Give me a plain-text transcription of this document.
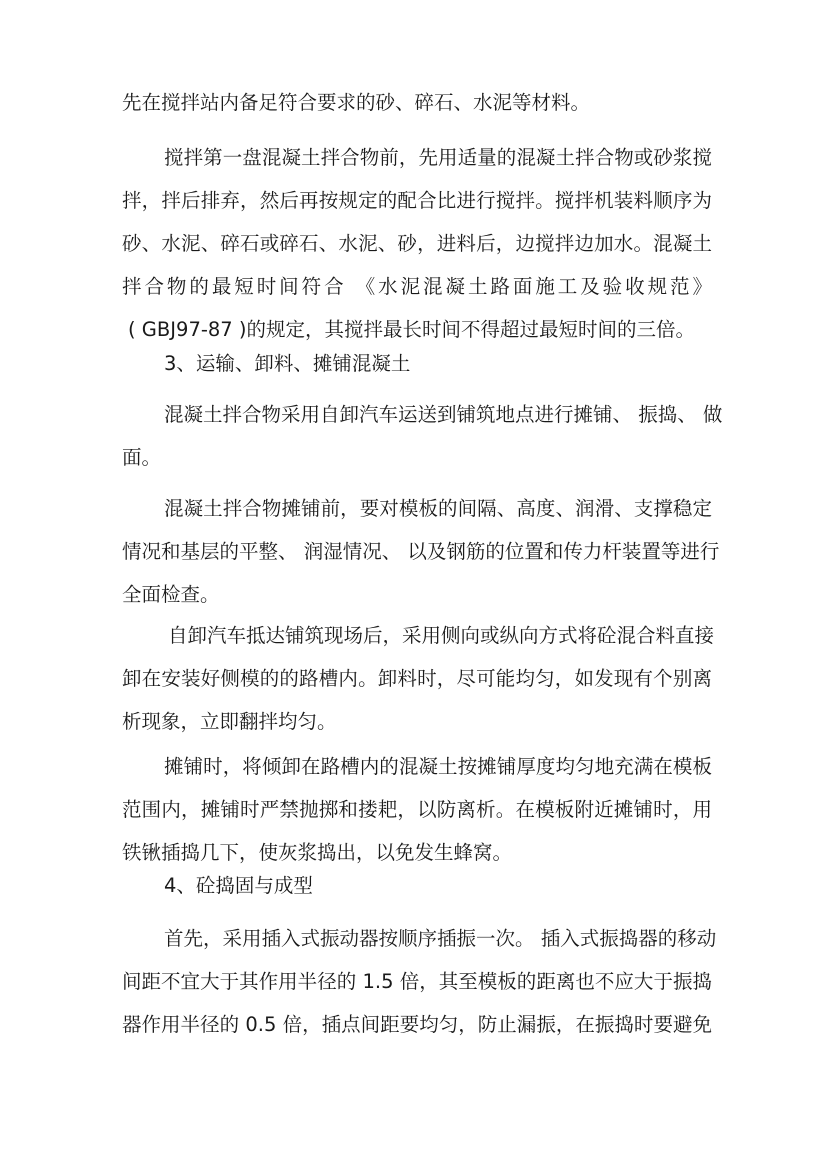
先在搅拌站内备足符合要求的砂、碎石、水泥等材料。
搅拌第一盘混凝土拌合物前，先用适量的混凝土拌合物或砂浆搅
拌，拌后排弃，然后再按规定的配合比进行搅拌。搅拌机装料顺序为
砂、水泥、碎石或碎石、水泥、砂，进料后，边搅拌边加水。混凝土
拌合物的最短时间符合 《水泥混凝土路面施工及验收规范》
( GBJ97-87 )的规定，其搅拌最长时间不得超过最短时间的三倍。
3、运输、卸料、摊铺混凝土
混凝土拌合物采用自卸汽车运送到铺筑地点进行摊铺、 振捣、 做
面。
混凝土拌合物摊铺前，要对模板的间隔、高度、润滑、支撑稳定
情况和基层的平整、 润湿情况、 以及钢筋的位置和传力杆装置等进行
全面检查。
自卸汽车抵达铺筑现场后，采用侧向或纵向方式将砼混合料直接
卸在安装好侧模的的路槽内。卸料时，尽可能均匀，如发现有个别离
析现象，立即翻拌均匀。
摊铺时，将倾卸在路槽内的混凝土按摊铺厚度均匀地充满在模板
范围内，摊铺时严禁抛掷和搂耙，以防离析。在模板附近摊铺时，用
铁锹插捣几下，使灰浆捣出，以免发生蜂窝。
4、砼捣固与成型
首先，采用插入式振动器按顺序插振一次。 插入式振捣器的移动
间距不宜大于其作用半径的 1.5 倍，其至模板的距离也不应大于振捣
器作用半径的 0.5 倍，插点间距要均匀，防止漏振，在振捣时要避免
